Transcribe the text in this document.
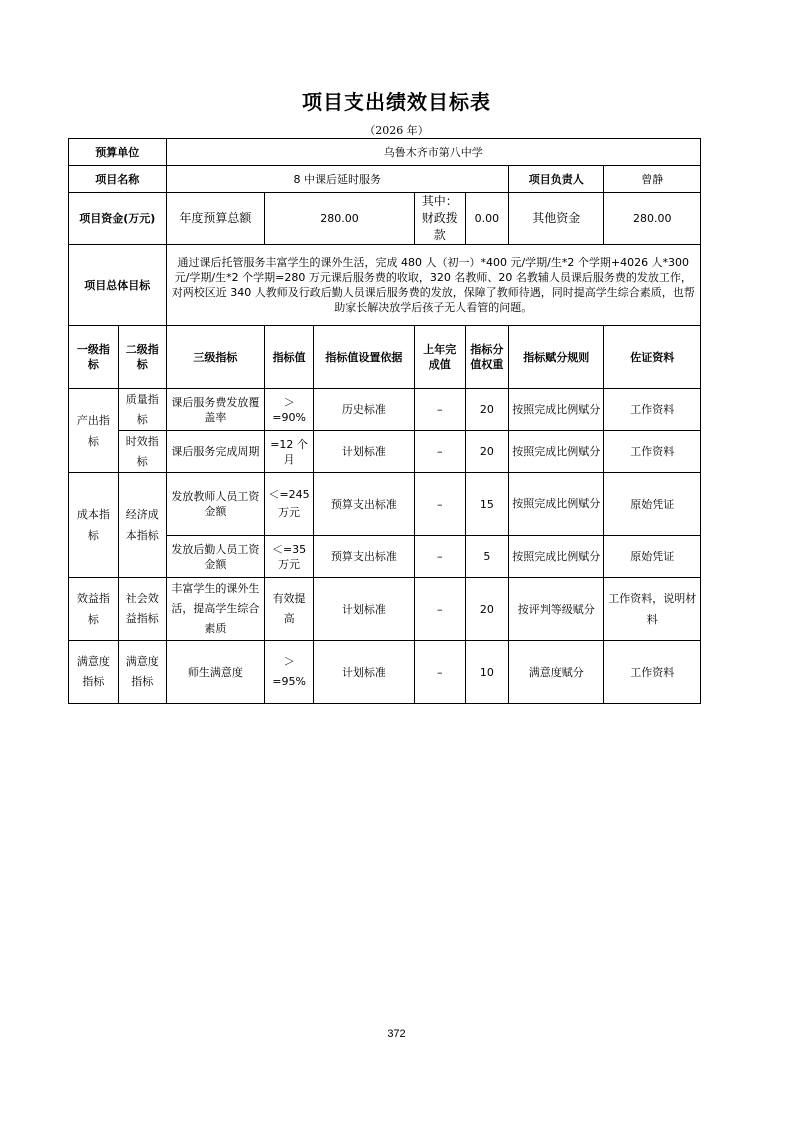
项目支出绩效目标表
（2026 年）
预算单位		乌鲁木齐市第八中学						
项目名称		8 中课后延时服务					项目负责人	曾静
项目资金(万元)		年度预算总额	280.00		其中：财政拨款	0.00	其他资金	280.00
项目总体目标		通过课后托管服务丰富学生的课外生活，完成 480 人（初一）*400 元/学期/生*2 个学期+4026 人*300 元/学期/生*2 个学期=280 万元课后服务费的收取，320 名教师、20 名教辅人员课后服务费的发放工作，对两校区近 340 人教师及行政后勤人员课后服务费的发放，保障了教师待遇，同时提高学生综合素质，也帮助家长解决放学后孩子无人看管的问题。						
一级指标	二级指标	三级指标	指标值	指标值设置依据	上年完成值	指标分值权重	指标赋分规则	佐证资料
产出指标	质量指标	课后服务费发放覆盖率	＞=90%	历史标准	–	20	按照完成比例赋分	工作资料
	时效指标	课后服务完成周期	=12 个月	计划标准	–	20	按照完成比例赋分	工作资料
成本指标	经济成本指标	发放教师人员工资金额	＜=245 万元	预算支出标准	–	15	按照完成比例赋分	原始凭证
		发放后勤人员工资金额	＜=35 万元	预算支出标准	–	5	按照完成比例赋分	原始凭证
效益指标	社会效益指标	丰富学生的课外生活，提高学生综合素质	有效提高	计划标准	–	20	按评判等级赋分	工作资料，说明材料
满意度指标	满意度指标	师生满意度	＞=95%	计划标准	–	10	满意度赋分	工作资料
372
